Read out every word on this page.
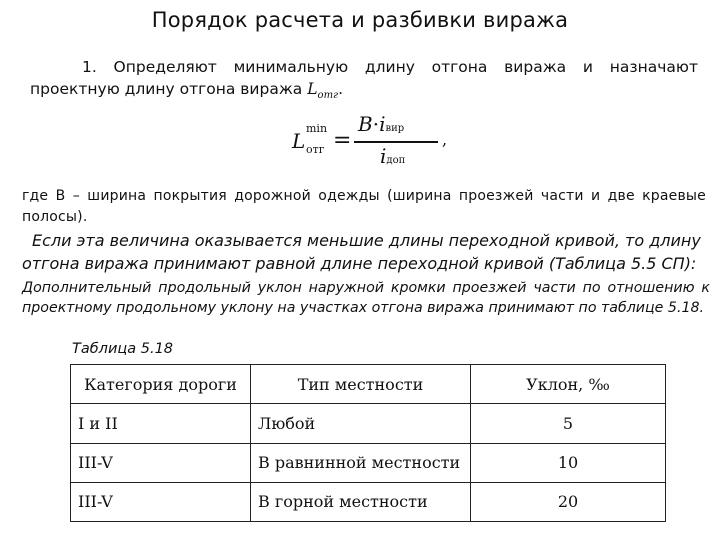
Порядок расчета и разбивки виража
1. Определяют минимальную длину отгона виража и назначают проектную длину отгона виража $L_{отг}$.
L
min
отг =
B·iвир
iдоп
,
где В – ширина покрытия дорожной одежды (ширина проезжей части и две краевые полосы).
Если эта величина оказывается меньшие длины переходной кривой, то длину
отгона виража принимают равной длине переходной кривой (Таблица 5.5 СП):
Дополнительный продольный уклон наружной кромки проезжей части по отношению к проектному продольному уклону на участках отгона виража принимают по таблице 5.18.
Таблица 5.18
Категория дороги	Тип местности	Уклон, ‰
I и II	Любой	5
III-V	В равнинной местности	10
III-V	В горной местности	20
